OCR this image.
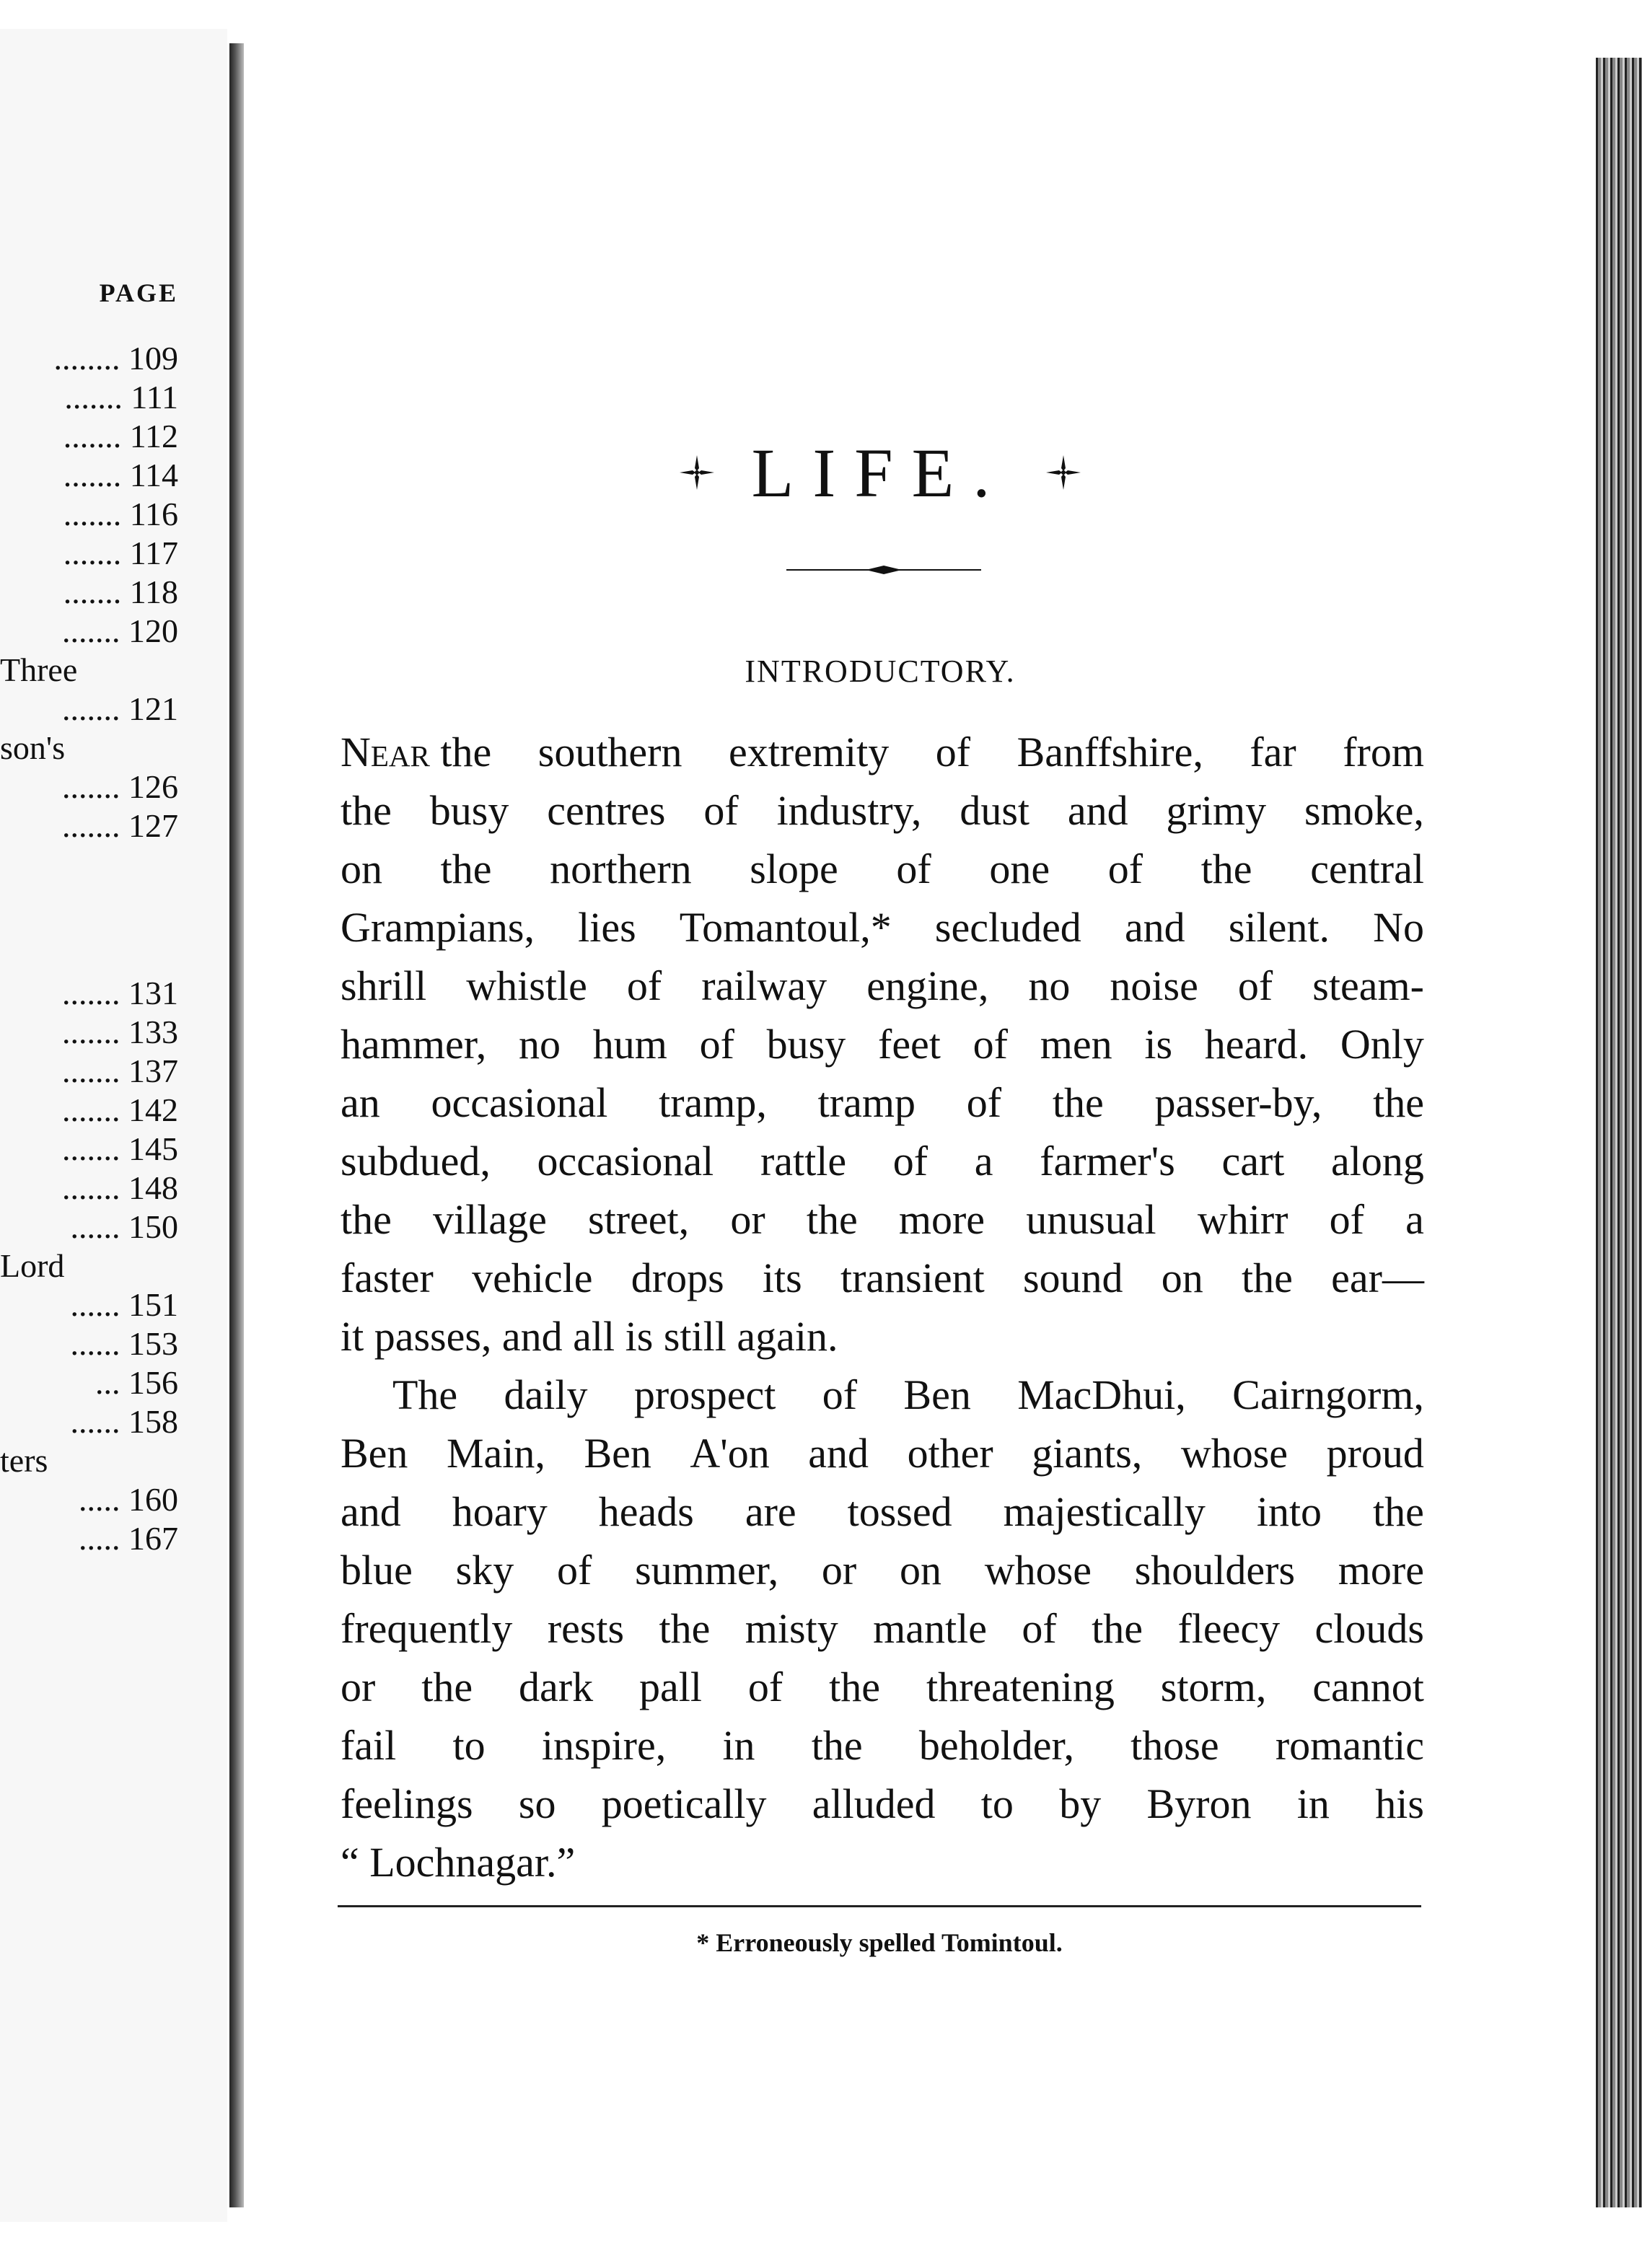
PAGE
........ 109
....... 111
....... 112
....... 114
....... 116
....... 117
....... 118
....... 120
Three
....... 121
son's
....... 126
....... 127
....... 131
....... 133
....... 137
....... 142
....... 145
....... 148
...... 150
Lord
...... 151
...... 153
... 156
...... 158
ters
..... 160
..... 167
LIFE.
INTRODUCTORY.
Near the southern extremity of Banffshire, far from
the busy centres of industry, dust and grimy smoke,
on the northern slope of one of the central
Grampians, lies Tomantoul,* secluded and silent. No
shrill whistle of railway engine, no noise of steam-
hammer, no hum of busy feet of men is heard. Only
an occasional tramp, tramp of the passer-by, the
subdued, occasional rattle of a farmer's cart along
the village street, or the more unusual whirr of a
faster vehicle drops its transient sound on the ear—
it passes, and all is still again.
The daily prospect of Ben MacDhui, Cairngorm,
Ben Main, Ben A'on and other giants, whose proud
and hoary heads are tossed majestically into the
blue sky of summer, or on whose shoulders more
frequently rests the misty mantle of the fleecy clouds
or the dark pall of the threatening storm, cannot
fail to inspire, in the beholder, those romantic
feelings so poetically alluded to by Byron in his
“ Lochnagar.”
* Erroneously spelled Tomintoul.
